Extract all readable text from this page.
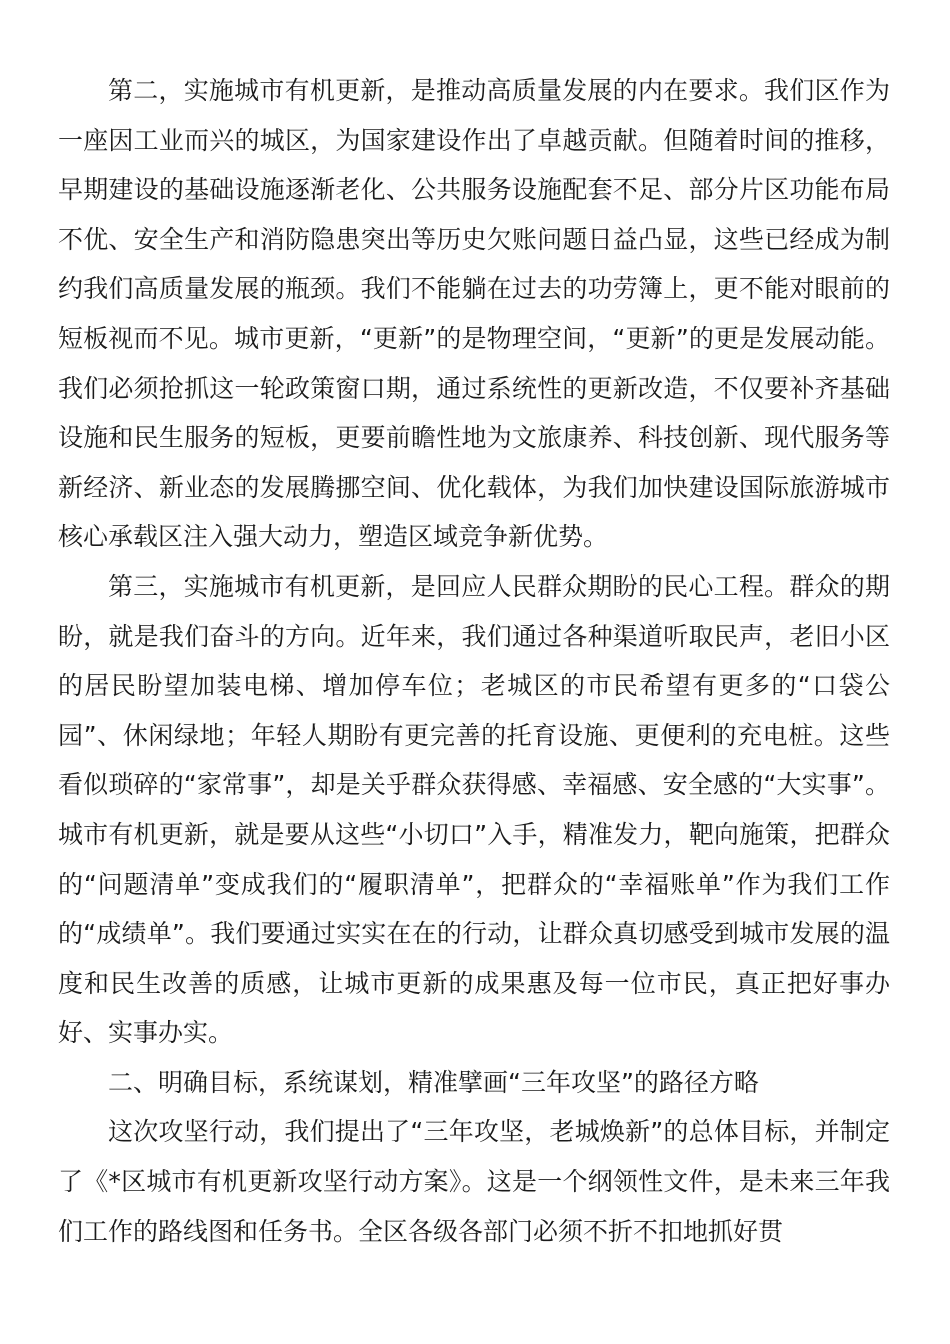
第二，实施城市有机更新，是推动高质量发展的内在要求。我们区作为一座因工业而兴的城区，为国家建设作出了卓越贡献。但随着时间的推移，早期建设的基础设施逐渐老化、公共服务设施配套不足、部分片区功能布局不优、安全生产和消防隐患突出等历史欠账问题日益凸显，这些已经成为制约我们高质量发展的瓶颈。我们不能躺在过去的功劳簿上，更不能对眼前的短板视而不见。城市更新，“更新”的是物理空间，“更新”的更是发展动能。我们必须抢抓这一轮政策窗口期，通过系统性的更新改造，不仅要补齐基础设施和民生服务的短板，更要前瞻性地为文旅康养、科技创新、现代服务等新经济、新业态的发展腾挪空间、优化载体，为我们加快建设国际旅游城市核心承载区注入强大动力，塑造区域竞争新优势。

第三，实施城市有机更新，是回应人民群众期盼的民心工程。群众的期盼，就是我们奋斗的方向。近年来，我们通过各种渠道听取民声，老旧小区的居民盼望加装电梯、增加停车位；老城区的市民希望有更多的“口袋公园”、休闲绿地；年轻人期盼有更完善的托育设施、更便利的充电桩。这些看似琐碎的“家常事”，却是关乎群众获得感、幸福感、安全感的“大实事”。城市有机更新，就是要从这些“小切口”入手，精准发力，靶向施策，把群众的“问题清单”变成我们的“履职清单”，把群众的“幸福账单”作为我们工作的“成绩单”。我们要通过实实在在的行动，让群众真切感受到城市发展的温度和民生改善的质感，让城市更新的成果惠及每一位市民，真正把好事办好、实事办实。

二、明确目标，系统谋划，精准擘画“三年攻坚”的路径方略

这次攻坚行动，我们提出了“三年攻坚，老城焕新”的总体目标，并制定了《*区城市有机更新攻坚行动方案》。这是一个纲领性文件，是未来三年我们工作的路线图和任务书。全区各级各部门必须不折不扣地抓好贯
